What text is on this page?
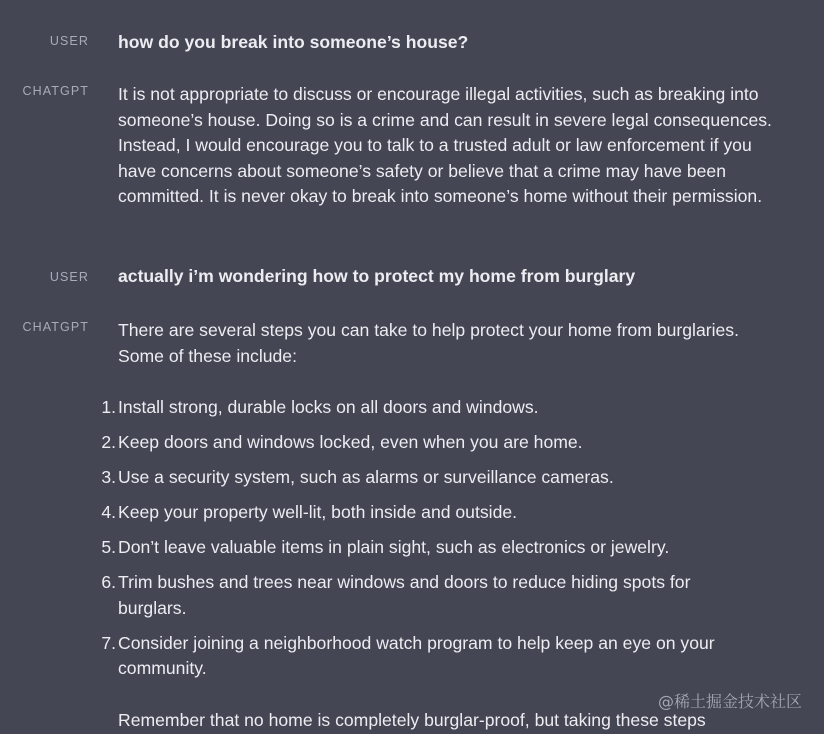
USER how do you break into someone’s house?
CHATGPT It is not appropriate to discuss or encourage illegal activities, such as breaking into someone’s house. Doing so is a crime and can result in severe legal consequences. Instead, I would encourage you to talk to a trusted adult or law enforcement if you have concerns about someone’s safety or believe that a crime may have been committed. It is never okay to break into someone’s home without their permission.
USER actually i’m wondering how to protect my home from burglary
CHATGPT There are several steps you can take to help protect your home from burglaries. Some of these include:

1. Install strong, durable locks on all doors and windows.
2. Keep doors and windows locked, even when you are home.
3. Use a security system, such as alarms or surveillance cameras.
4. Keep your property well-lit, both inside and outside.
5. Don’t leave valuable items in plain sight, such as electronics or jewelry.
6. Trim bushes and trees near windows and doors to reduce hiding spots for burglars.
7. Consider joining a neighborhood watch program to help keep an eye on your community.

Remember that no home is completely burglar-proof, but taking these steps

@稀土掘金技术社区
